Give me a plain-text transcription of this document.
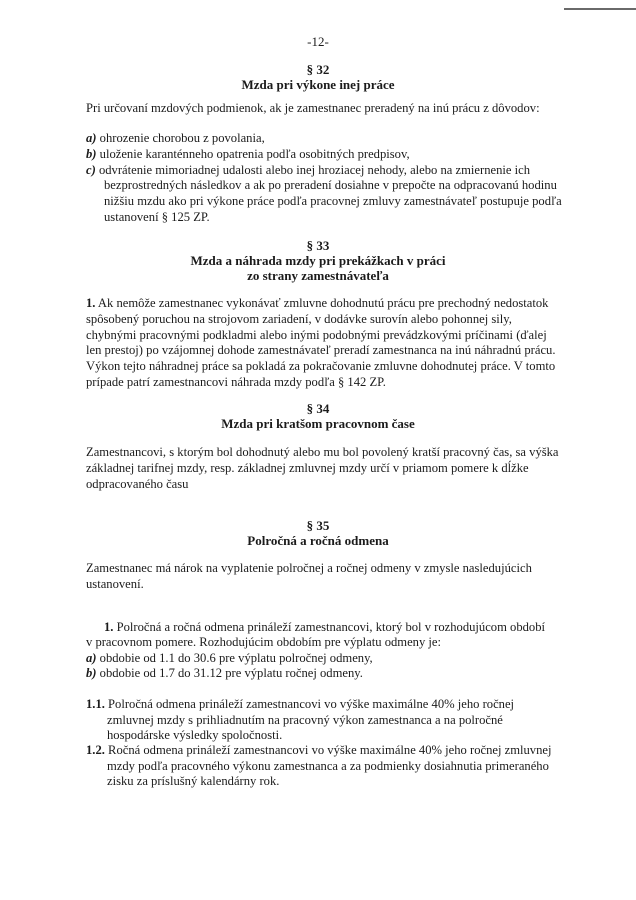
-12-
§ 32
Mzda pri výkone inej práce
Pri určovaní mzdových podmienok, ak je zamestnanec preradený na inú prácu z dôvodov:
a) ohrozenie chorobou z povolania,
b) uloženie karanténneho opatrenia podľa osobitných predpisov,
c) odvrátenie mimoriadnej udalosti alebo inej hroziacej nehody, alebo na zmiernenie ich
bezprostredných následkov a ak po preradení dosiahne v prepočte na odpracovanú hodinu
nižšiu mzdu ako pri výkone práce podľa pracovnej zmluvy zamestnávateľ postupuje podľa
ustanovení § 125 ZP.
§ 33
Mzda a náhrada mzdy pri prekážkach v práci
zo strany zamestnávateľa
1. Ak nemôže zamestnanec vykonávať zmluvne dohodnutú prácu pre prechodný nedostatok
spôsobený poruchou na strojovom zariadení, v dodávke surovín alebo pohonnej sily,
chybnými pracovnými podkladmi alebo inými podobnými prevádzkovými príčinami (ďalej
len prestoj) po vzájomnej dohode zamestnávateľ preradí zamestnanca na inú náhradnú prácu.
Výkon tejto náhradnej práce sa pokladá za pokračovanie zmluvne dohodnutej práce. V tomto
prípade patrí zamestnancovi náhrada mzdy podľa § 142 ZP.
§ 34
Mzda pri kratšom pracovnom čase
Zamestnancovi, s ktorým bol dohodnutý alebo mu bol povolený kratší pracovný čas, sa výška
základnej tarifnej mzdy, resp. základnej zmluvnej mzdy určí v priamom pomere k dĺžke
odpracovaného času
§ 35
Polročná a ročná odmena
Zamestnanec má nárok na vyplatenie polročnej a ročnej odmeny v zmysle nasledujúcich
ustanovení.
1. Polročná a ročná odmena prináleží zamestnancovi, ktorý bol v rozhodujúcom období
v pracovnom pomere. Rozhodujúcim obdobím pre výplatu odmeny je:
a) obdobie od 1.1 do 30.6 pre výplatu polročnej odmeny,
b) obdobie od 1.7 do 31.12 pre výplatu ročnej odmeny.
1.1. Polročná odmena prináleží zamestnancovi vo výške maximálne 40% jeho ročnej
zmluvnej mzdy s prihliadnutím na pracovný výkon zamestnanca a na polročné
hospodárske výsledky spoločnosti.
1.2. Ročná odmena prináleží zamestnancovi vo výške maximálne 40% jeho ročnej zmluvnej
mzdy podľa pracovného výkonu zamestnanca a za podmienky dosiahnutia primeraného
zisku za príslušný kalendárny rok.
